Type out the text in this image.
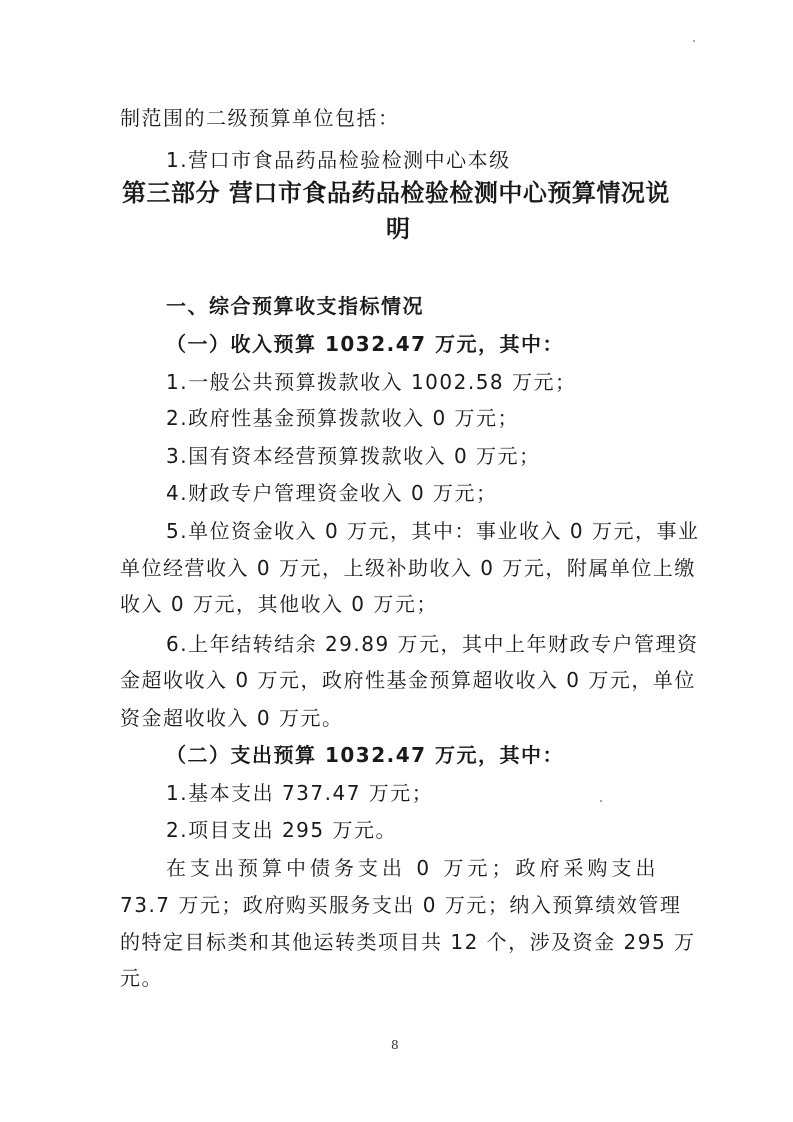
制范围的二级预算单位包括：
1.营口市食品药品检验检测中心本级
第三部分 营口市食品药品检验检测中心预算情况说
明
一、综合预算收支指标情况
（一）收入预算 1032.47 万元，其中：
1.一般公共预算拨款收入 1002.58 万元；
2.政府性基金预算拨款收入 0 万元；
3.国有资本经营预算拨款收入 0 万元；
4.财政专户管理资金收入 0 万元；
5.单位资金收入 0 万元，其中：事业收入 0 万元，事业
单位经营收入 0 万元，上级补助收入 0 万元，附属单位上缴
收入 0 万元，其他收入 0 万元；
6.上年结转结余 29.89 万元，其中上年财政专户管理资
金超收收入 0 万元，政府性基金预算超收收入 0 万元，单位
资金超收收入 0 万元。
（二）支出预算 1032.47 万元，其中：
1.基本支出 737.47 万元；
2.项目支出 295 万元。
在支出预算中债务支出 0 万元；政府采购支出
73.7 万元；政府购买服务支出 0 万元；纳入预算绩效管理
的特定目标类和其他运转类项目共 12 个，涉及资金 295 万
元。
8
